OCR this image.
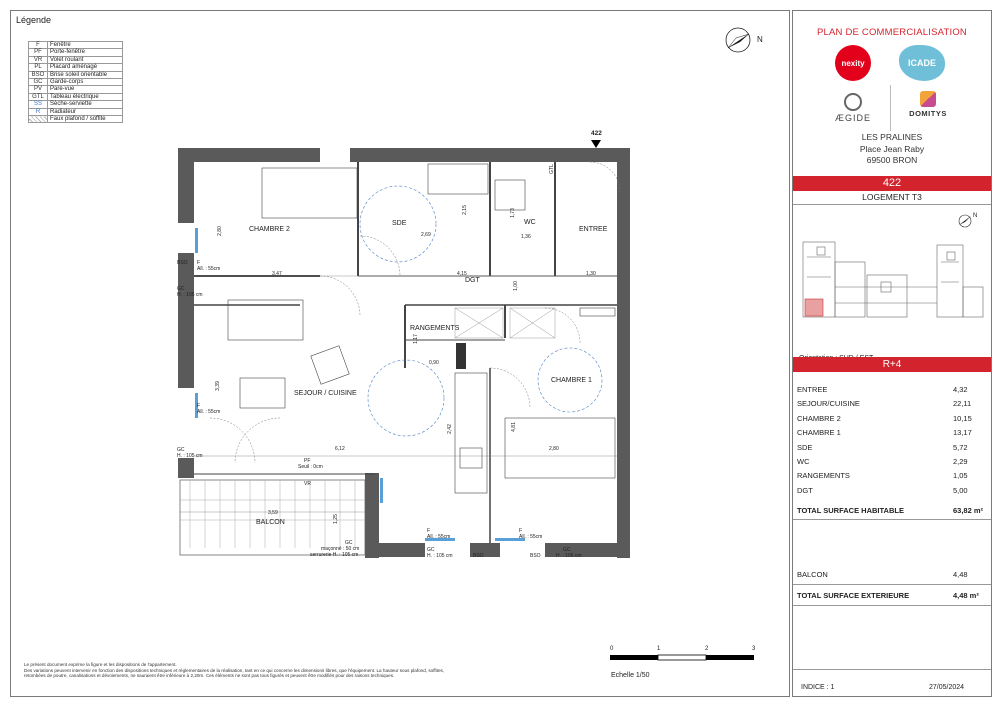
Légende
F	Fenêtre
PF	Porte-fenêtre
VR	Volet roulant
PL	Placard aménagé
BSO	Brise soleil orientable
GC	Garde-corps
PV	Pare-vue
GTL	Tableau électrique
SS	Sèche-serviette
R	Radiateur
	Faux plafond / soffite
N
422
CHAMBRE 2
SDE	WC
ENTREE
DGT
RANGEMENTS
SEJOUR / CUISINE
CHAMBRE 1
BALCON
GTL
2,80
3,47	4,15	1,30
2,69
2,15	1,73
1,36
1,00
1,17
0,90
3,39
2,42	4,81
6,12	2,80
3,59
1,25
BSO F
All. : 55cm
GC
H. : 105 cm
F
All. : 55cm
GC
H. : 105 cm
PF
Seuil : 0cm
VR
GC
maçonné : 50 cm
serrurerie H. : 105 cm
F
All. : 55cm
GC
H. : 105 cm	BSO
F
All. : 55cm
BSO
GC
H. : 105 cm
Le présent document exprime la figure et les dispositions de l'appartement.
Des variations peuvent intervenir en fonction des dispositions techniques et réglementaires de la réalisation, tant en ce qui concerne les dimensions libres, que l'équipement. La hauteur sous plafond, soffites,
retombées de poutre, canalisations et dévoiements, ne sauraient être inférieure à 2,20m. Ces éléments ne sont pas tous figurés et peuvent être modifiés pour des raisons techniques.
0	1	2	3
Echelle 1/50
PLAN DE COMMERCIALISATION
nexity	ICADE
ÆGIDE	DOMITYS
LES PRALINES
Place Jean Raby
69500 BRON
422
LOGEMENT T3
N
R+4
ENTREE	4,32
SEJOUR/CUISINE	22,11
CHAMBRE 2	10,15
CHAMBRE 1	13,17
SDE	5,72
WC	2,29
RANGEMENTS	1,05
DGT	5,00
TOTAL SURFACE HABITABLE	63,82 m²
BALCON	4,48
TOTAL SURFACE EXTERIEURE	4,48 m²
INDICE : 1	27/05/2024
